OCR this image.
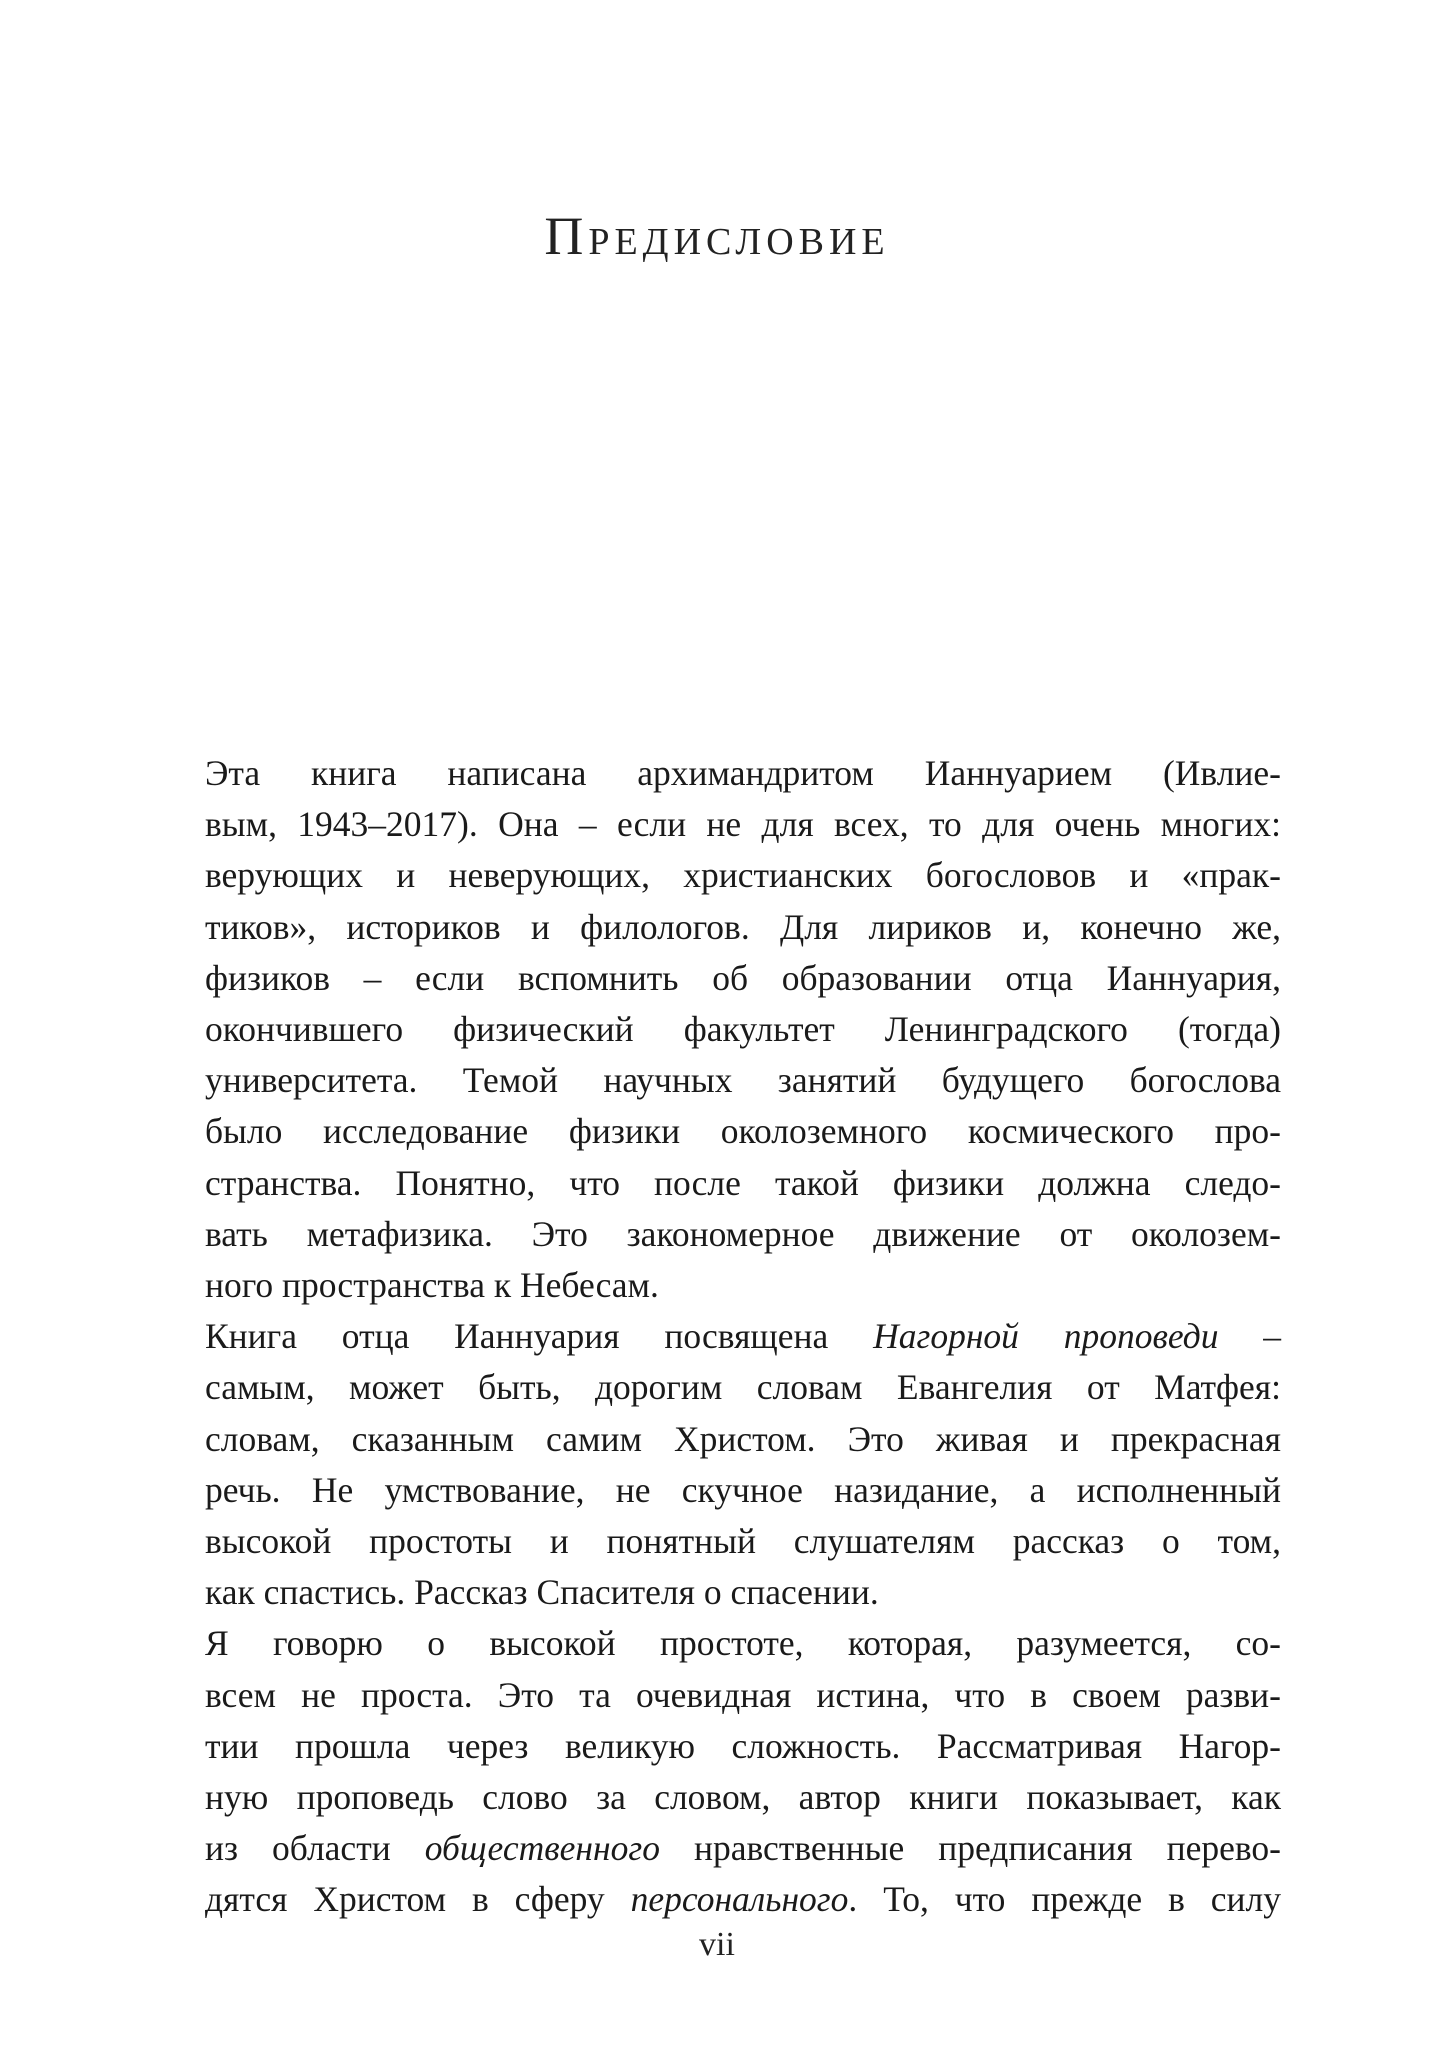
Предисловие

Эта книга написана архимандритом Ианнуарием (Ивлие-
вым, 1943–2017). Она – если не для всех, то для очень многих:
верующих и неверующих, христианских богословов и «прак-
тиков», историков и филологов. Для лириков и, конечно же,
физиков – если вспомнить об образовании отца Ианнуария,
окончившего физический факультет Ленинградского (тогда)
университета. Темой научных занятий будущего богослова
было исследование физики околоземного космического про-
странства. Понятно, что после такой физики должна следо-
вать метафизика. Это закономерное движение от околозем-
ного пространства к Небесам.

Книга отца Ианнуария посвящена Нагорной проповеди –
самым, может быть, дорогим словам Евангелия от Матфея:
словам, сказанным самим Христом. Это живая и прекрасная
речь. Не умствование, не скучное назидание, а исполненный
высокой простоты и понятный слушателям рассказ о том,
как спастись. Рассказ Спасителя о спасении.

Я говорю о высокой простоте, которая, разумеется, со-
всем не проста. Это та очевидная истина, что в своем разви-
тии прошла через великую сложность. Рассматривая Нагор-
ную проповедь слово за словом, автор книги показывает, как
из области общественного нравственные предписания перево-
дятся Христом в сферу персонального. То, что прежде в силу

vii
